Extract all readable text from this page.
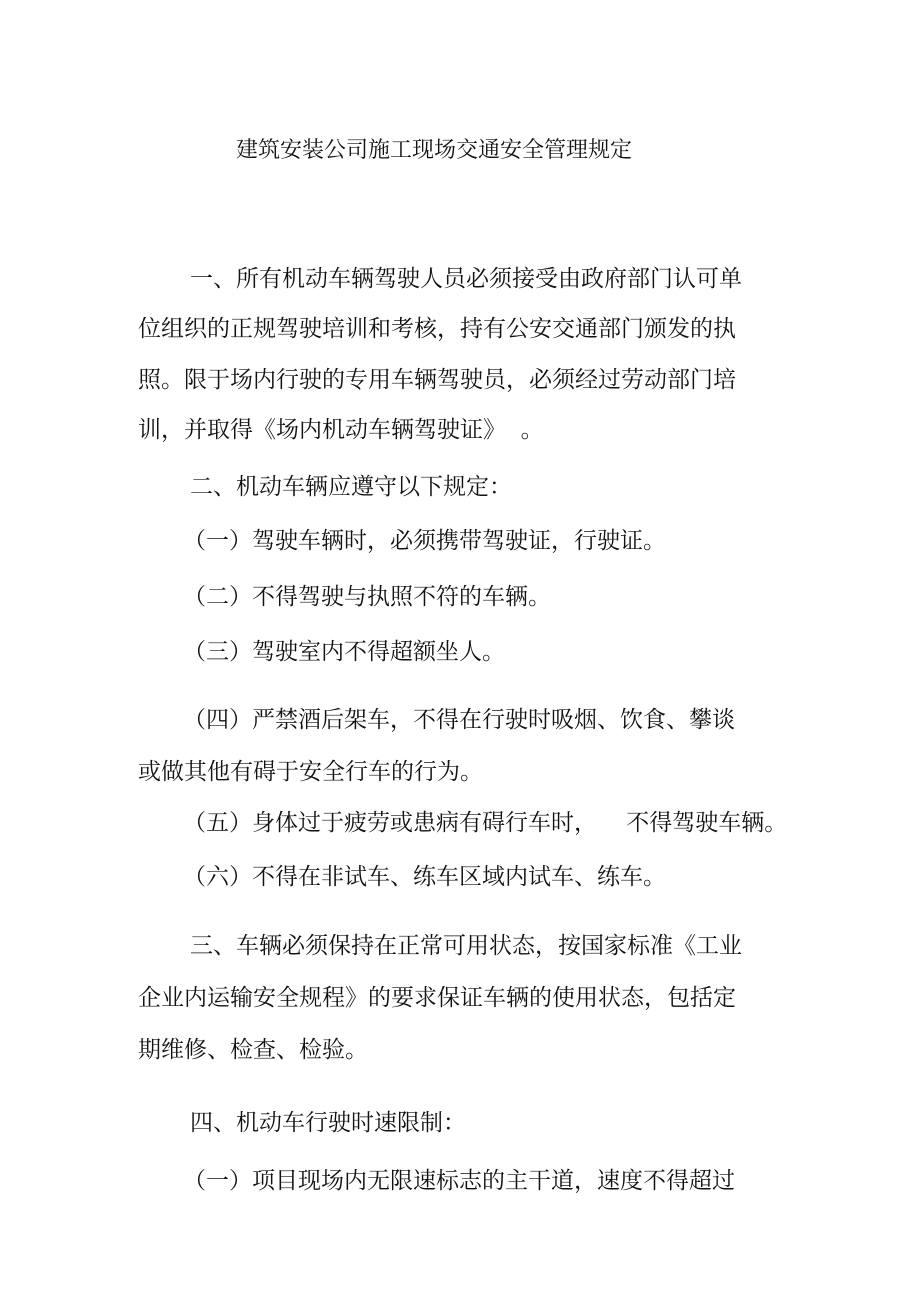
建筑安装公司施工现场交通安全管理规定
一、所有机动车辆驾驶人员必须接受由政府部门认可单
位组织的正规驾驶培训和考核，持有公安交通部门颁发的执
照。限于场内行驶的专用车辆驾驶员，必须经过劳动部门培
训，并取得《场内机动车辆驾驶证》  。
二、机动车辆应遵守以下规定：
（一）驾驶车辆时，必须携带驾驶证，行驶证。
（二）不得驾驶与执照不符的车辆。
（三）驾驶室内不得超额坐人。
（四）严禁酒后架车，不得在行驶时吸烟、饮食、攀谈
或做其他有碍于安全行车的行为。
（五）身体过于疲劳或患病有碍行车时，    不得驾驶车辆。
（六）不得在非试车、练车区域内试车、练车。
三、车辆必须保持在正常可用状态，按国家标准《工业
企业内运输安全规程》的要求保证车辆的使用状态，包括定
期维修、检查、检验。
四、机动车行驶时速限制：
（一）项目现场内无限速标志的主干道，速度不得超过
